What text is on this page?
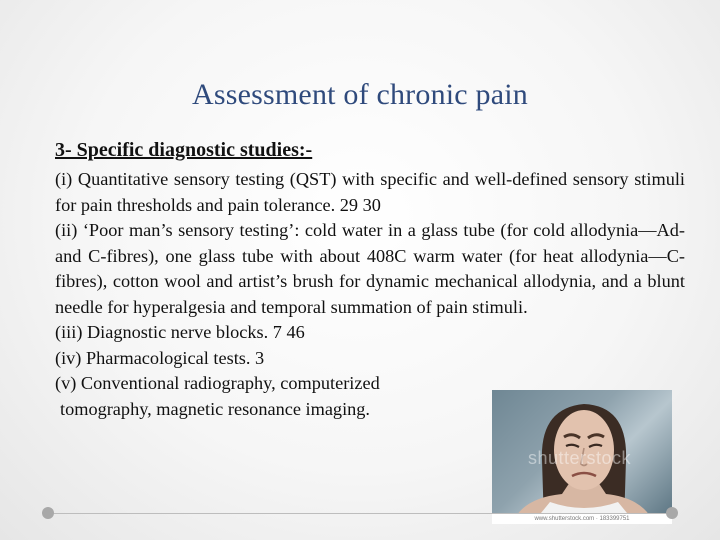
Assessment of chronic pain
3- Specific diagnostic studies:-

(i) Quantitative sensory testing (QST) with specific and well-defined sensory stimuli for pain thresholds and pain tolerance. 29 30

(ii) ‘Poor man’s sensory testing’: cold water in a glass tube (for cold allodynia—Ad- and C-fibres), one glass tube with about 408C warm water (for heat allodynia—C-fibres), cotton wool and artist’s brush for dynamic mechanical allodynia, and a blunt needle for hyperalgesia and temporal summation of pain stimuli.

(iii) Diagnostic nerve blocks. 7 46

(iv) Pharmacological tests. 3

(v) Conventional radiography, computerized

tomography, magnetic resonance imaging.

shutterstock
www.shutterstock.com · 183399751
